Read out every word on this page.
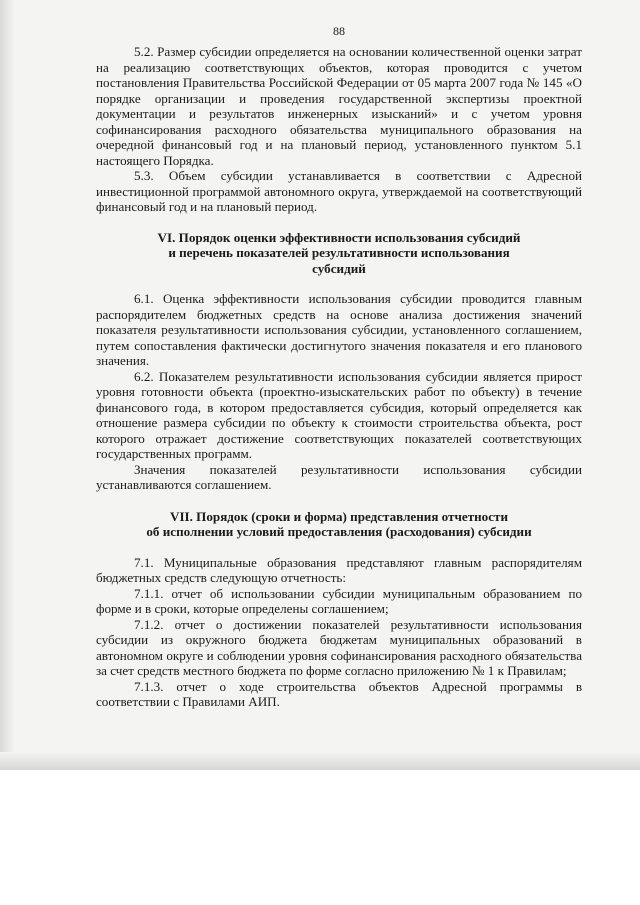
88

5.2. Размер субсидии определяется на основании количественной оценки затрат на реализацию соответствующих объектов, которая проводится с учетом постановления Правительства Российской Федерации от 05 марта 2007 года № 145 «О порядке организации и проведения государственной экспертизы проектной документации и результатов инженерных изысканий» и с учетом уровня софинансирования расходного обязательства муниципального образования на очередной финансовый год и на плановый период, установленного пунктом 5.1 настоящего Порядка.

5.3. Объем субсидии устанавливается в соответствии с Адресной инвестиционной программой автономного округа, утверждаемой на соответствующий финансовый год и на плановый период.

VI. Порядок оценки эффективности использования субсидий
и перечень показателей результативности использования
субсидий

6.1. Оценка эффективности использования субсидии проводится главным распорядителем бюджетных средств на основе анализа достижения значений показателя результативности использования субсидии, установленного соглашением, путем сопоставления фактически достигнутого значения показателя и его планового значения.

6.2. Показателем результативности использования субсидии является прирост уровня готовности объекта (проектно-изыскательских работ по объекту) в течение финансового года, в котором предоставляется субсидия, который определяется как отношение размера субсидии по объекту к стоимости строительства объекта, рост которого отражает достижение соответствующих показателей соответствующих государственных программ.

Значения показателей результативности использования субсидии устанавливаются соглашением.

VII. Порядок (сроки и форма) представления отчетности
об исполнении условий предоставления (расходования) субсидии

7.1. Муниципальные образования представляют главным распорядителям бюджетных средств следующую отчетность:

7.1.1. отчет об использовании субсидии муниципальным образованием по форме и в сроки, которые определены соглашением;

7.1.2. отчет о достижении показателей результативности использования субсидии из окружного бюджета бюджетам муниципальных образований в автономном округе и соблюдении уровня софинансирования расходного обязательства за счет средств местного бюджета по форме согласно приложению № 1 к Правилам;

7.1.3. отчет о ходе строительства объектов Адресной программы в соответствии с Правилами АИП.
